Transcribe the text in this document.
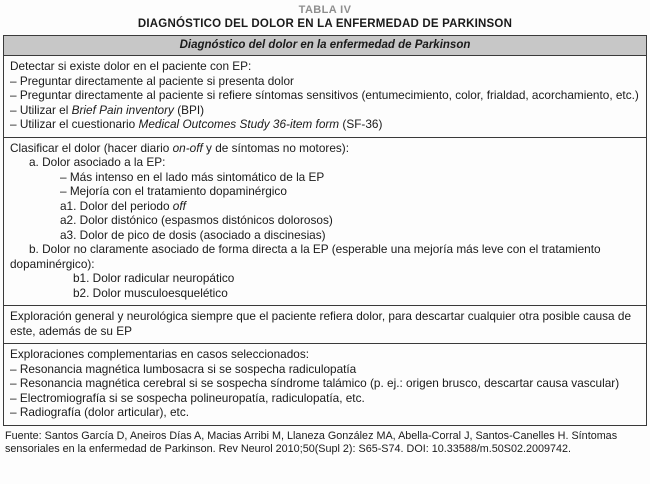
TABLA IV
DIAGNÓSTICO DEL DOLOR EN LA ENFERMEDAD DE PARKINSON
Diagnóstico del dolor en la enfermedad de Parkinson
Detectar si existe dolor en el paciente con EP:
– Preguntar directamente al paciente si presenta dolor
– Preguntar directamente al paciente si refiere síntomas sensitivos (entumecimiento, color, frialdad, acorchamiento, etc.)
– Utilizar el Brief Pain inventory (BPI)
– Utilizar el cuestionario Medical Outcomes Study 36-item form (SF-36)
Clasificar el dolor (hacer diario on-off y de síntomas no motores):
a. Dolor asociado a la EP:
– Más intenso en el lado más sintomático de la EP
– Mejoría con el tratamiento dopaminérgico
a1. Dolor del periodo off
a2. Dolor distónico (espasmos distónicos dolorosos)
a3. Dolor de pico de dosis (asociado a discinesias)
b. Dolor no claramente asociado de forma directa a la EP (esperable una mejoría más leve con el tratamiento dopaminérgico):
b1. Dolor radicular neuropático
b2. Dolor musculoesquelético
Exploración general y neurológica siempre que el paciente refiera dolor, para descartar cualquier otra posible causa de este, además de su EP
Exploraciones complementarias en casos seleccionados:
– Resonancia magnética lumbosacra si se sospecha radiculopatía
– Resonancia magnética cerebral si se sospecha síndrome talámico (p. ej.: origen brusco, descartar causa vascular)
– Electromiografía si se sospecha polineuropatía, radiculopatía, etc.
– Radiografía (dolor articular), etc.
Fuente: Santos García D, Aneiros Días A, Macias Arribi M, Llaneza González MA, Abella-Corral J, Santos-Canelles H. Síntomas sensoriales en la enfermedad de Parkinson. Rev Neurol 2010;50(Supl 2): S65-S74. DOI: 10.33588/m.50S02.2009742.
